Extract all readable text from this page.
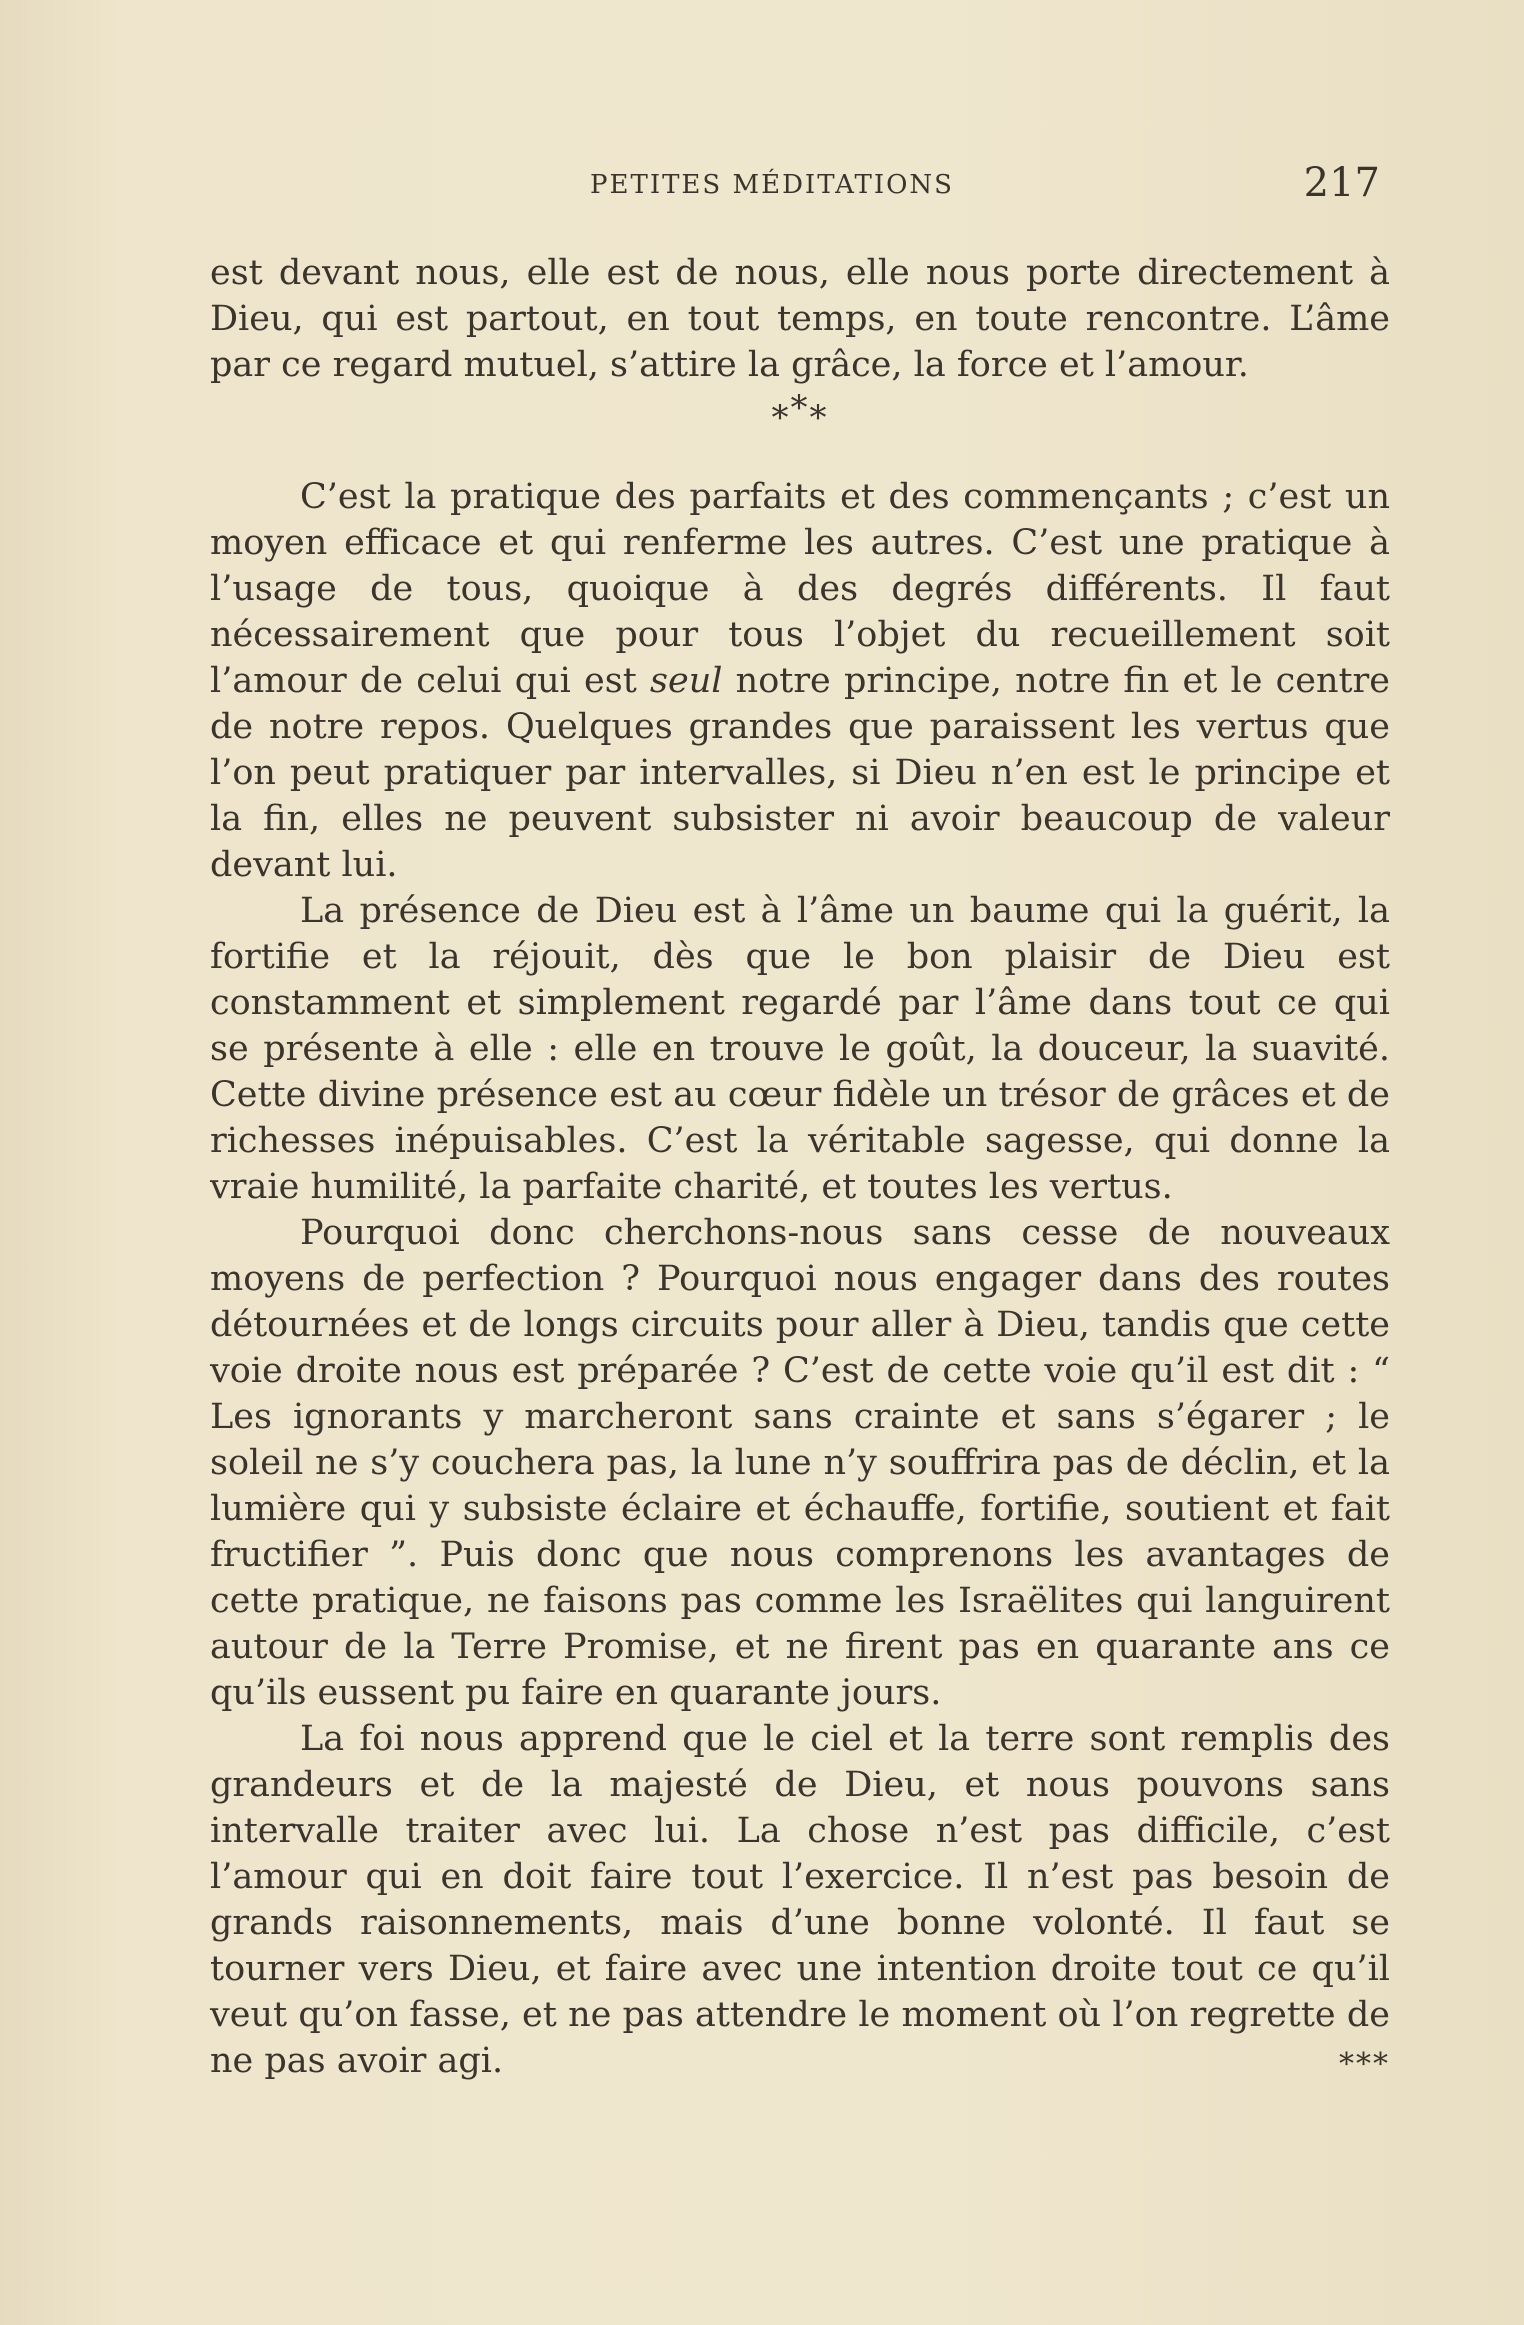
PETITES MÉDITATIONS	217

est devant nous, elle est de nous, elle nous porte directement à Dieu, qui est partout, en tout temps, en toute rencontre. L’âme par ce regard mutuel, s’attire la grâce, la force et l’amour.

***

C’est la pratique des parfaits et des commençants ; c’est un moyen efficace et qui renferme les autres. C’est une pratique à l’usage de tous, quoique à des degrés différents. Il faut nécessairement que pour tous l’objet du recueillement soit l’amour de celui qui est seul notre principe, notre fin et le centre de notre repos. Quelques grandes que paraissent les vertus que l’on peut pratiquer par intervalles, si Dieu n’en est le principe et la fin, elles ne peuvent subsister ni avoir beaucoup de valeur devant lui.

La présence de Dieu est à l’âme un baume qui la guérit, la fortifie et la réjouit, dès que le bon plaisir de Dieu est constamment et simplement regardé par l’âme dans tout ce qui se présente à elle : elle en trouve le goût, la douceur, la suavité. Cette divine présence est au cœur fidèle un trésor de grâces et de richesses inépuisables. C’est la véritable sagesse, qui donne la vraie humilité, la parfaite charité, et toutes les vertus.

Pourquoi donc cherchons-nous sans cesse de nouveaux moyens de perfection ? Pourquoi nous engager dans des routes détournées et de longs circuits pour aller à Dieu, tandis que cette voie droite nous est préparée ? C’est de cette voie qu’il est dit : “ Les ignorants y marcheront sans crainte et sans s’égarer ; le soleil ne s’y couchera pas, la lune n’y souffrira pas de déclin, et la lumière qui y subsiste éclaire et échauffe, fortifie, soutient et fait fructifier ”. Puis donc que nous comprenons les avantages de cette pratique, ne faisons pas comme les Israëlites qui languirent autour de la Terre Promise, et ne firent pas en quarante ans ce qu’ils eussent pu faire en quarante jours.

La foi nous apprend que le ciel et la terre sont remplis des grandeurs et de la majesté de Dieu, et nous pouvons sans intervalle traiter avec lui. La chose n’est pas difficile, c’est l’amour qui en doit faire tout l’exercice. Il n’est pas besoin de grands raisonnements, mais d’une bonne volonté. Il faut se tourner vers Dieu, et faire avec une intention droite tout ce qu’il veut qu’on fasse, et ne pas attendre le moment où l’on regrette de ne pas avoir agi.	***
